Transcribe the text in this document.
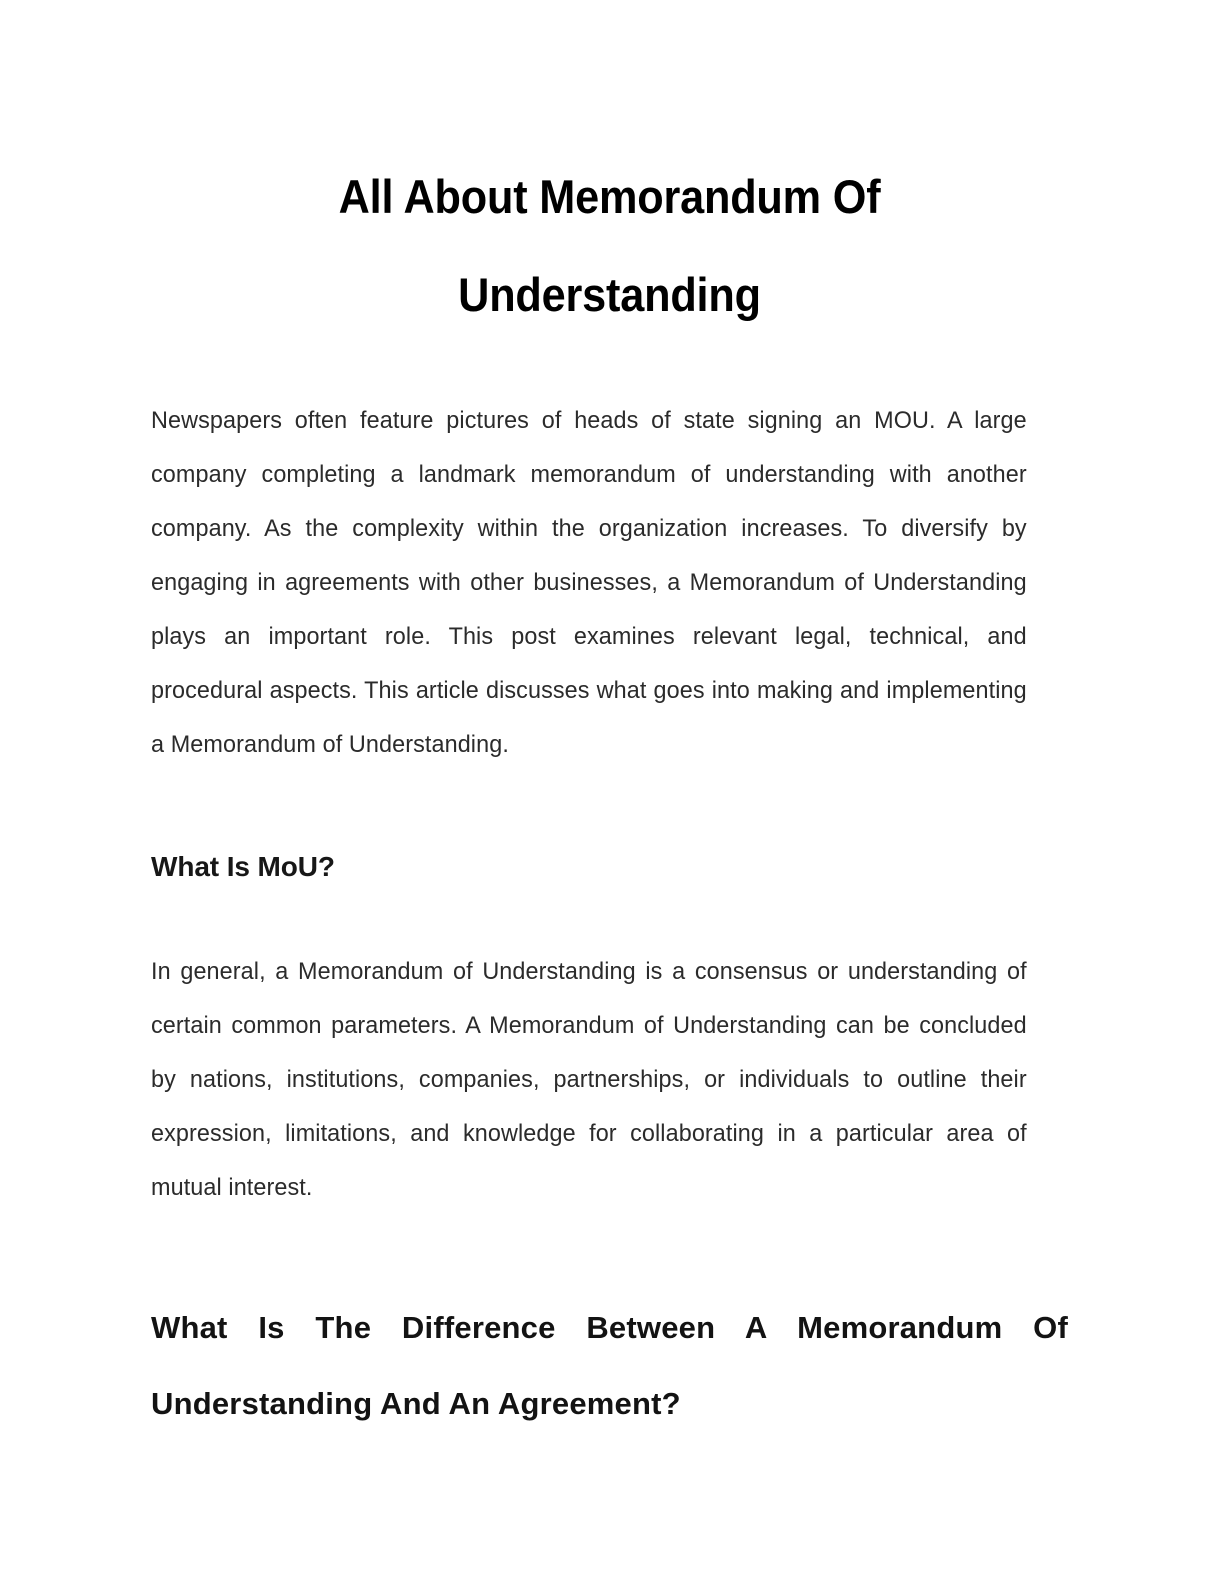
All About Memorandum Of Understanding

Newspapers often feature pictures of heads of state signing an MOU. A large company completing a landmark memorandum of understanding with another company. As the complexity within the organization increases. To diversify by engaging in agreements with other businesses, a Memorandum of Understanding plays an important role. This post examines relevant legal, technical, and procedural aspects. This article discusses what goes into making and implementing a Memorandum of Understanding.

What Is MoU?

In general, a Memorandum of Understanding is a consensus or understanding of certain common parameters. A Memorandum of Understanding can be concluded by nations, institutions, companies, partnerships, or individuals to outline their expression, limitations, and knowledge for collaborating in a particular area of mutual interest.

What Is The Difference Between A Memorandum Of
Understanding And An Agreement?
